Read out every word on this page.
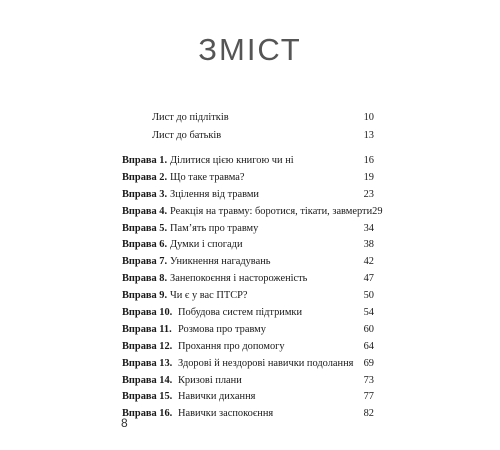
ЗМІСТ
Лист до підлітків	10
Лист до батьків	13
Вправа 1. Ділитися цією книгою чи ні	16
Вправа 2. Що таке травма?	19
Вправа 3. Зцілення від травми	23
Вправа 4. Реакція на травму: боротися, тікати, завмерти 29
Вправа 5. Пам’ять про травму	34
Вправа 6. Думки і спогади	38
Вправа 7. Уникнення нагадувань	42
Вправа 8. Занепокоєння і настороженість	47
Вправа 9. Чи є у вас ПТСР?	50
Вправа 10. Побудова систем підтримки	54
Вправа 11. Розмова про травму	60
Вправа 12. Прохання про допомогу	64
Вправа 13. Здорові й нездорові навички подолання 69
Вправа 14. Кризові плани	73
Вправа 15. Навички дихання	77
Вправа 16. Навички заспокоєння	82
8
